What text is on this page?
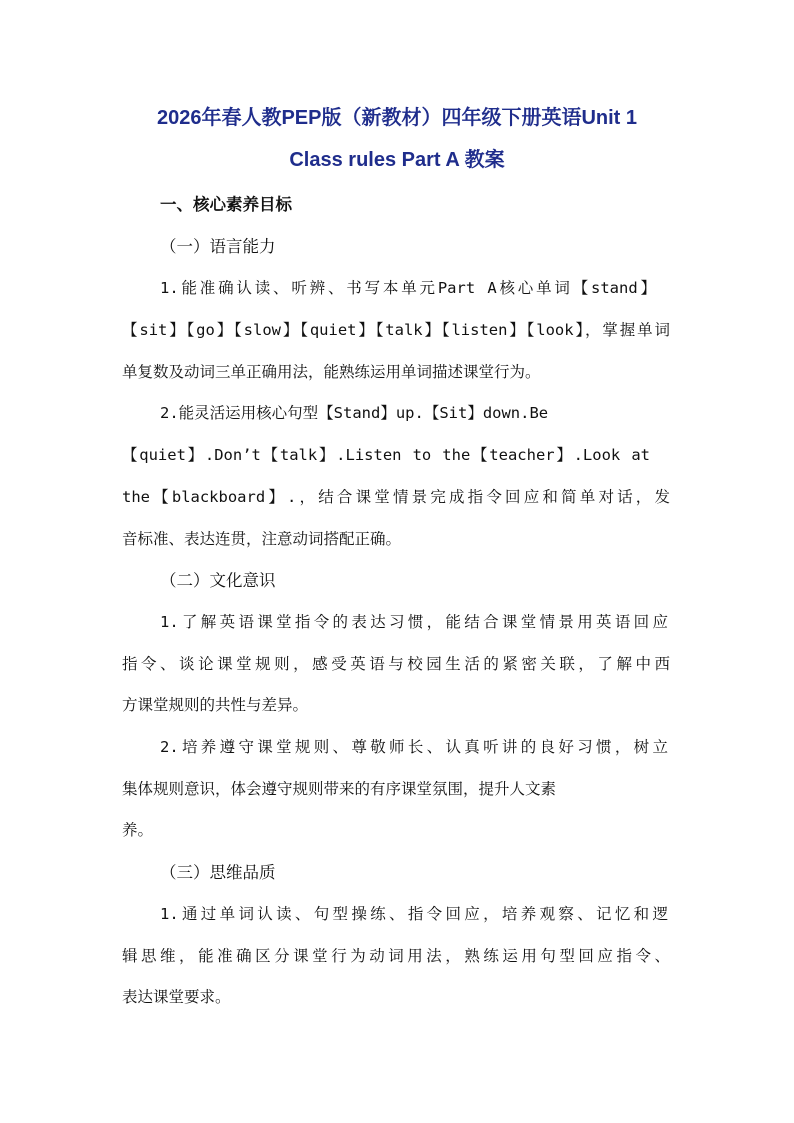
2026年春人教PEP版（新教材）四年级下册英语Unit 1
Class rules Part A 教案
一、核心素养目标
（一）语言能力
1.能准确认读、听辨、书写本单元Part A核心单词【stand】
【sit】【go】【slow】【quiet】【talk】【listen】【look】，掌握单词
单复数及动词三单正确用法，能熟练运用单词描述课堂行为。
2.能灵活运用核心句型【Stand】up.【Sit】down.Be
【quiet】.Don’t【talk】.Listen to the【teacher】.Look at
the【blackboard】.，结合课堂情景完成指令回应和简单对话，发
音标准、表达连贯，注意动词搭配正确。
（二）文化意识
1.了解英语课堂指令的表达习惯，能结合课堂情景用英语回应
指令、谈论课堂规则，感受英语与校园生活的紧密关联，了解中西
方课堂规则的共性与差异。
2.培养遵守课堂规则、尊敬师长、认真听讲的良好习惯，树立
集体规则意识，体会遵守规则带来的有序课堂氛围，提升人文素
养。
（三）思维品质
1.通过单词认读、句型操练、指令回应，培养观察、记忆和逻
辑思维，能准确区分课堂行为动词用法，熟练运用句型回应指令、
表达课堂要求。
